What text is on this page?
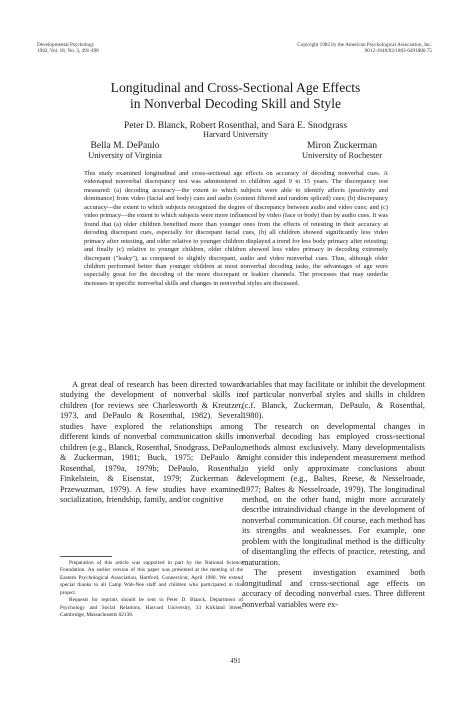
Developmental Psychology
1982, Vol. 18, No. 3, 491-498
Copyright 1982 by the American Psychological Association, Inc.
0012-1649/82/1803-0491$00.75
Longitudinal and Cross-Sectional Age Effects
in Nonverbal Decoding Skill and Style
Peter D. Blanck, Robert Rosenthal, and Sara E. Snodgrass
Harvard University
Bella M. DePaulo
University of Virginia
Miron Zuckerman
University of Rochester

This study examined longitudinal and cross-sectional age effects on accuracy of decoding nonverbal cues. A videotaped nonverbal discrepancy test was administered to children aged 9 to 15 years. The discrepancy test measured: (a) decoding accuracy—the extent to which subjects were able to identify affects (positivity and dominance) from video (facial and body) cues and audio (content filtered and random spliced) cues; (b) discrepancy accuracy—the extent to which subjects recognized the degree of discrepancy between audio and video cues; and (c) video primacy—the extent to which subjects were more influenced by video (face or body) than by audio cues. It was found that (a) older children benefited more than younger ones from the effects of retesting in their accuracy at decoding discrepant cues, especially for discrepant facial cues, (b) all children showed significantly less video primacy after retesting, and older relative to younger children displayed a trend for less body primacy after retesting; and finally (c) relative to younger children, older children showed less video primacy in decoding extremely discrepant ("leaky"), as compared to slightly discrepant, audio and video nonverbal cues. Thus, although older children performed better than younger children at most nonverbal decoding tasks, the advantages of age were especially great for the decoding of the more discrepant or leakier channels. The processes that may underlie increases in specific nonverbal skills and changes in nonverbal styles are discussed.

A great deal of research has been directed toward studying the development of nonverbal skills in children (for reviews see Charlesworth & Kreutzer, 1973, and DePaulo & Rosenthal, 1982). Several studies have explored the relationships among different kinds of nonverbal communication skills in children (e.g., Blanck, Rosenthal, Snodgrass, DePaulo, & Zuckerman, 1981; Buck, 1975; DePaulo & Rosenthal, 1979a, 1979b; DePaulo, Rosenthal, Finkelstein, & Eisenstat, 1979; Zuckerman & Przewuzman, 1979). A few studies have examined socialization, friendship, family, and/or cognitive

variables that may facilitate or inhibit the development of particular nonverbal styles and skills in children (c.f. Blanck, Zuckerman, DePaulo, & Rosenthal, 1980).

The research on developmental changes in nonverbal decoding has employed cross-sectional methods almost exclusively. Many developmentalists might consider this independent measurement method to yield only approximate conclusions about development (e.g., Baltes, Reese, & Nesselroade, 1977; Baltes & Nesselroade, 1979). The longitudinal method, on the other hand, might more accurately describe intraindividual change in the development of nonverbal communication. Of course, each method has its strengths and weaknesses. For example, one problem with the longitudinal method is the difficulty of disentangling the effects of practice, retesting, and maturation.

The present investigation examined both longitudinal and cross-sectional age effects on accuracy of decoding nonverbal cues. Three different nonverbal variables were ex-

Preparation of this article was supported in part by the National Science Foundation. An earlier version of this paper was presented at the meeting of the Eastern Psychological Association, Hartford, Connecticut, April 1980. We extend special thanks to all Camp Wah-Nee staff and children who participated in this project.

Requests for reprints should be sent to Peter D. Blanck, Department of Psychology and Social Relations, Harvard University, 33 Kirkland Street, Cambridge, Massachusetts 02138.

491
